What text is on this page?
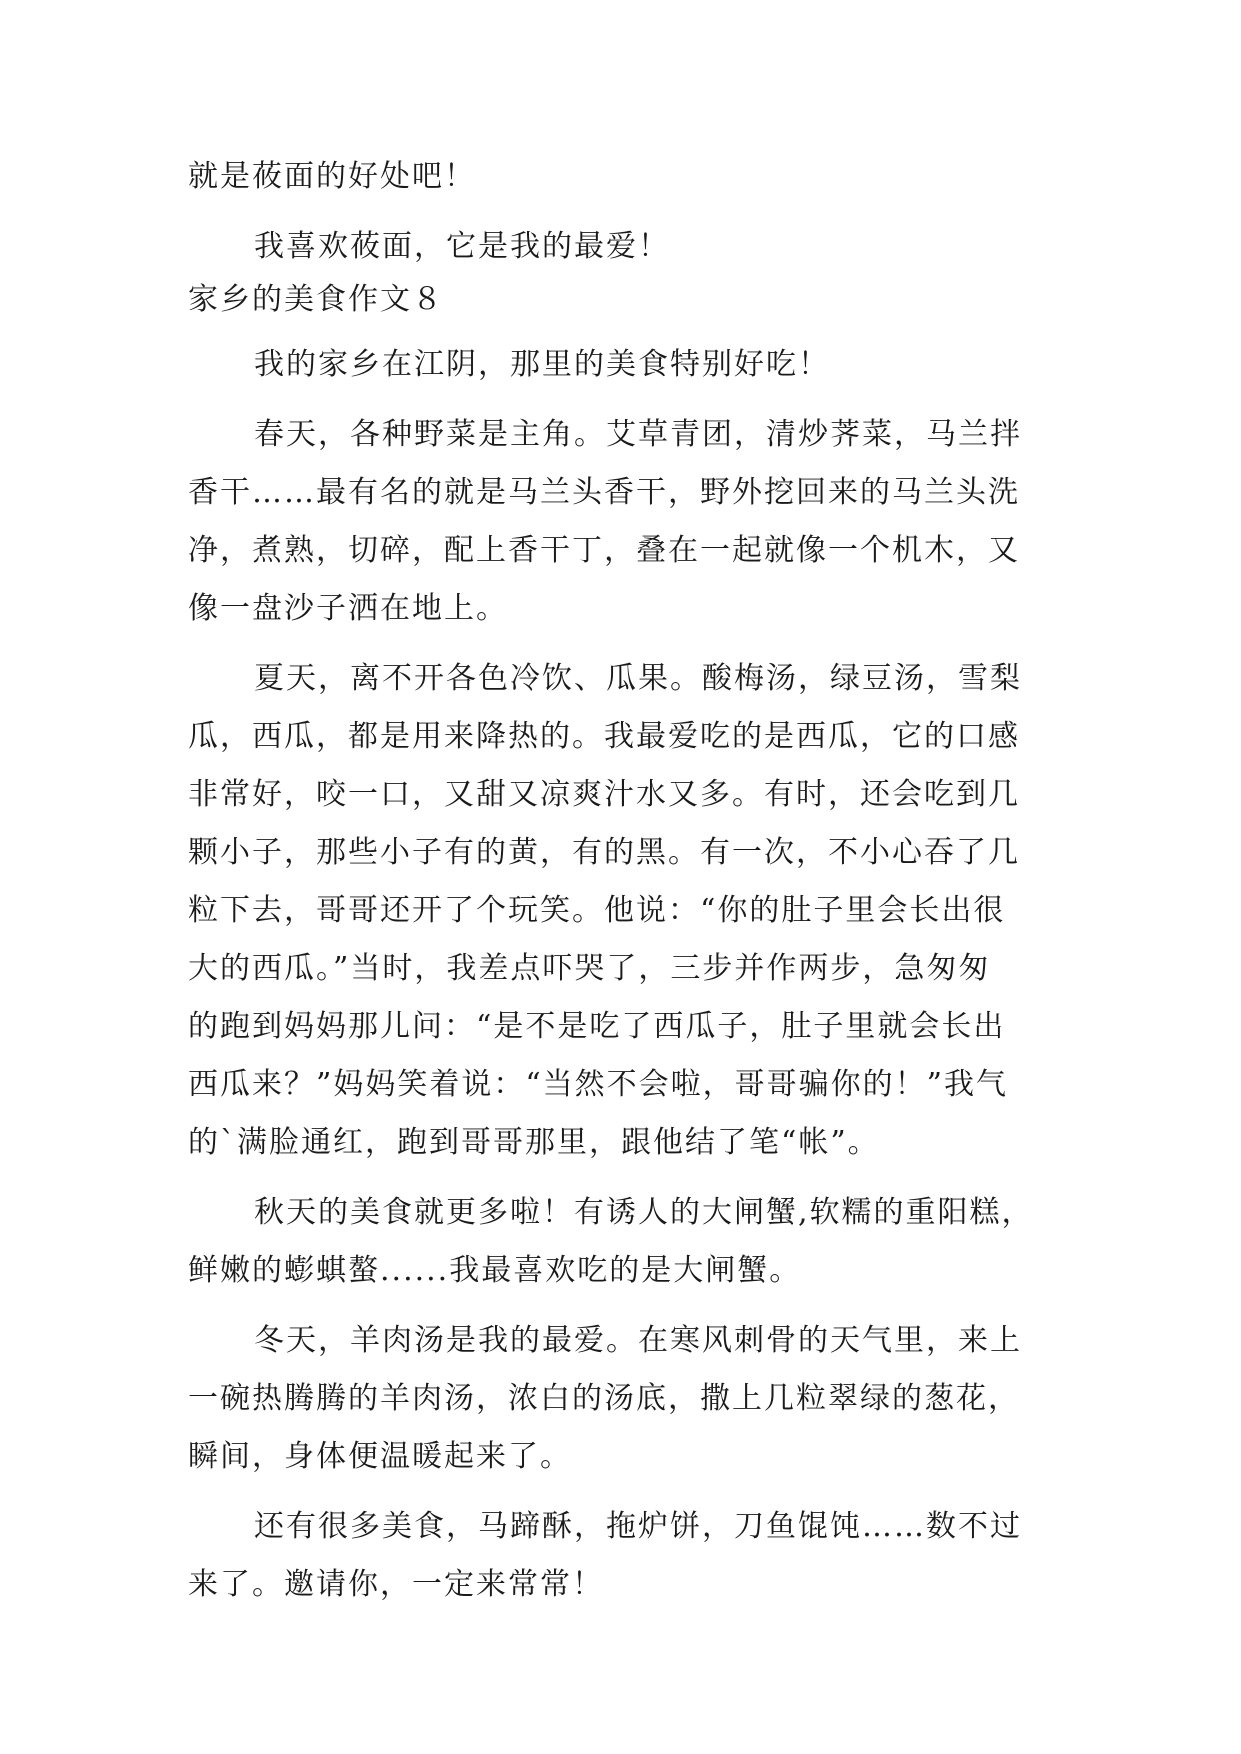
就是莜面的好处吧！
我喜欢莜面，它是我的最爱！
家乡的美食作文８
我的家乡在江阴，那里的美食特别好吃！
春天，各种野菜是主角。艾草青团，清炒荠菜，马兰拌
香干……最有名的就是马兰头香干，野外挖回来的马兰头洗
净，煮熟，切碎，配上香干丁，叠在一起就像一个机木，又
像一盘沙子洒在地上。
夏天，离不开各色冷饮、瓜果。酸梅汤，绿豆汤，雪梨
瓜，西瓜，都是用来降热的。我最爱吃的是西瓜，它的口感
非常好，咬一口，又甜又凉爽汁水又多。有时，还会吃到几
颗小子，那些小子有的黄，有的黑。有一次，不小心吞了几
粒下去，哥哥还开了个玩笑。他说：“你的肚子里会长出很
大的西瓜。”当时，我差点吓哭了，三步并作两步，急匆匆
的跑到妈妈那儿问：“是不是吃了西瓜子，肚子里就会长出
西瓜来？”妈妈笑着说：“当然不会啦，哥哥骗你的！”我气
的`满脸通红，跑到哥哥那里，跟他结了笔“帐”。
秋天的美食就更多啦！有诱人的大闸蟹,软糯的重阳糕，
鲜嫩的蟛蜞螯......我最喜欢吃的是大闸蟹。
冬天，羊肉汤是我的最爱。在寒风刺骨的天气里，来上
一碗热腾腾的羊肉汤，浓白的汤底，撒上几粒翠绿的葱花，
瞬间，身体便温暖起来了。
还有很多美食，马蹄酥，拖炉饼，刀鱼馄饨……数不过
来了。邀请你，一定来常常！
